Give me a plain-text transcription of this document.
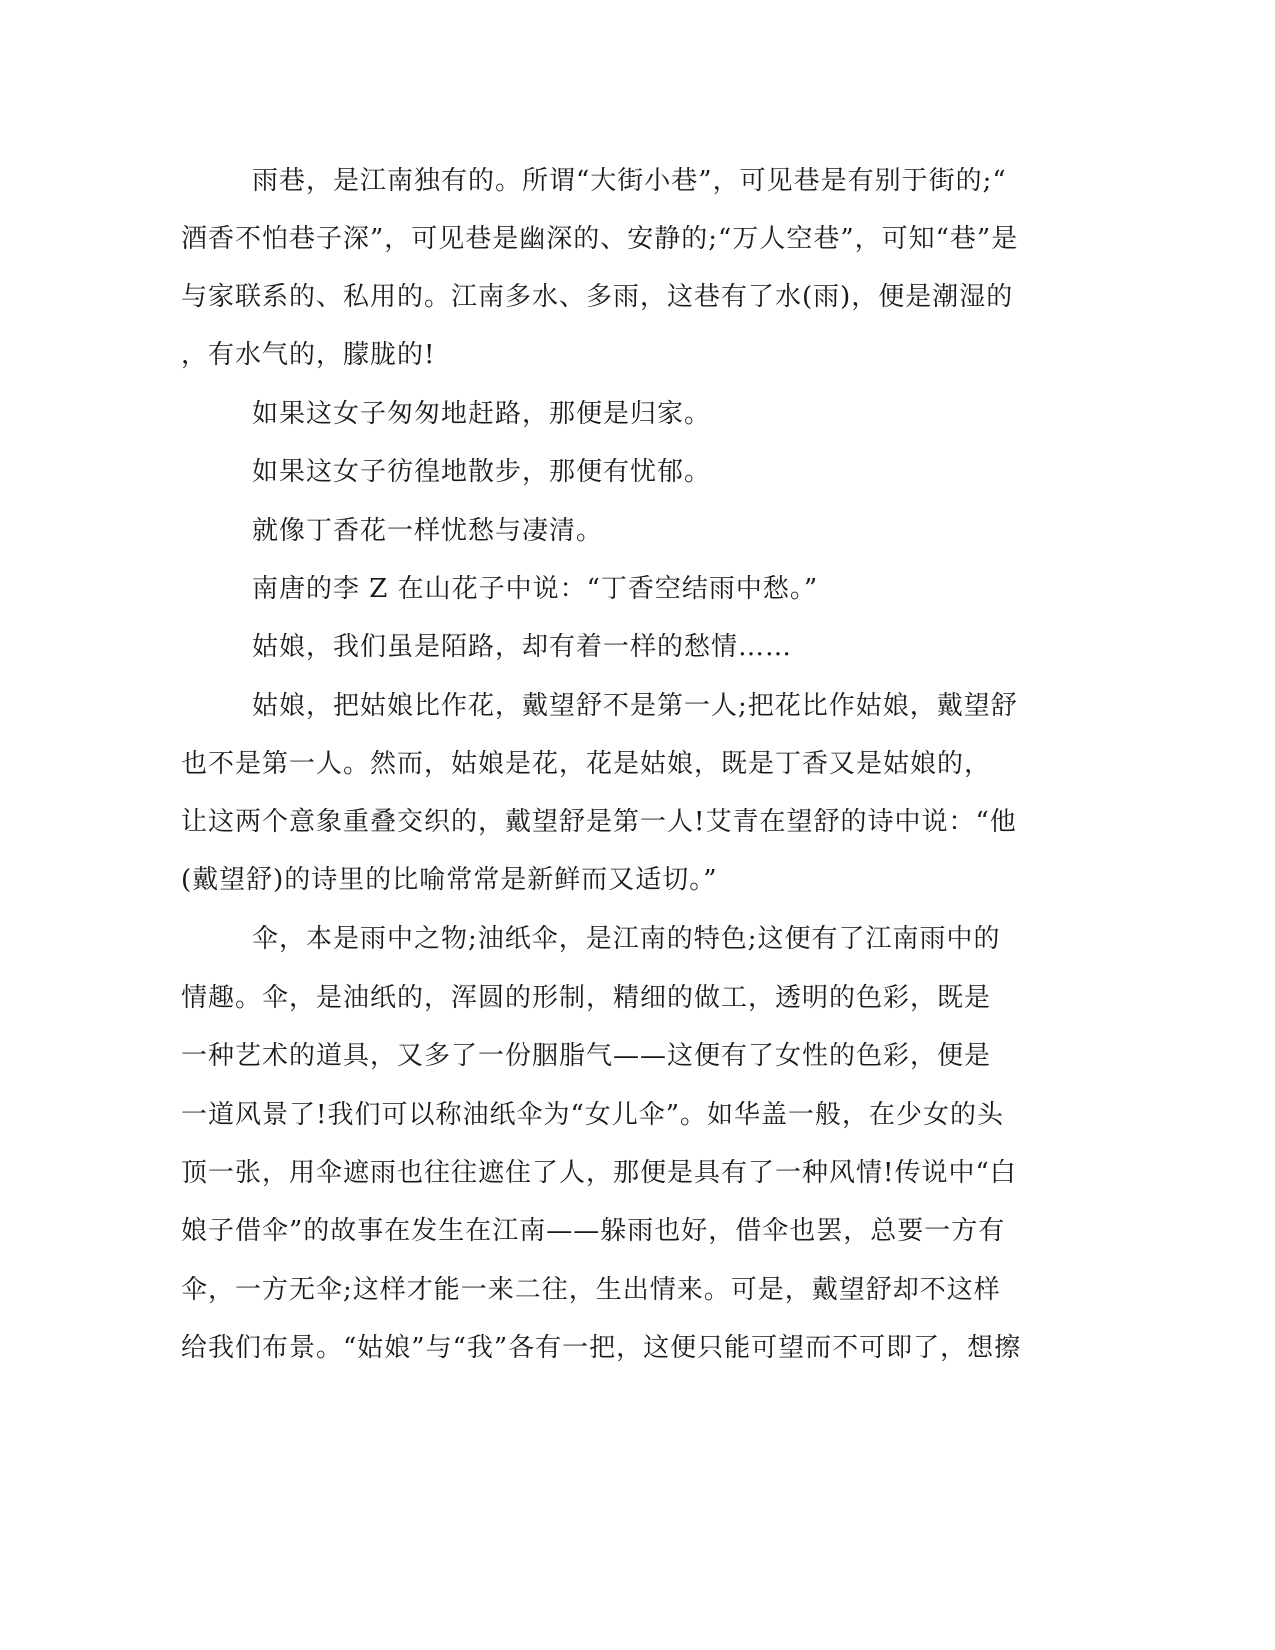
雨巷，是江南独有的。所谓“大街小巷”，可见巷是有别于街的;“
酒香不怕巷子深”，可见巷是幽深的、安静的;“万人空巷”，可知“巷”是
与家联系的、私用的。江南多水、多雨，这巷有了水(雨)，便是潮湿的
，有水气的，朦胧的!
如果这女子匆匆地赶路，那便是归家。
如果这女子彷徨地散步，那便有忧郁。
就像丁香花一样忧愁与凄清。
南唐的李 Z 在山花子中说：“丁香空结雨中愁。”
姑娘，我们虽是陌路，却有着一样的愁情……
姑娘，把姑娘比作花，戴望舒不是第一人;把花比作姑娘，戴望舒
也不是第一人。然而，姑娘是花，花是姑娘，既是丁香又是姑娘的，
让这两个意象重叠交织的，戴望舒是第一人!艾青在望舒的诗中说：“他
(戴望舒)的诗里的比喻常常是新鲜而又适切。”
伞，本是雨中之物;油纸伞，是江南的特色;这便有了江南雨中的
情趣。伞，是油纸的，浑圆的形制，精细的做工，透明的色彩，既是
一种艺术的道具，又多了一份胭脂气——这便有了女性的色彩，便是
一道风景了!我们可以称油纸伞为“女儿伞”。如华盖一般，在少女的头
顶一张，用伞遮雨也往往遮住了人，那便是具有了一种风情!传说中“白
娘子借伞”的故事在发生在江南——躲雨也好，借伞也罢，总要一方有
伞，一方无伞;这样才能一来二往，生出情来。可是，戴望舒却不这样
给我们布景。“姑娘”与“我”各有一把，这便只能可望而不可即了，想擦
